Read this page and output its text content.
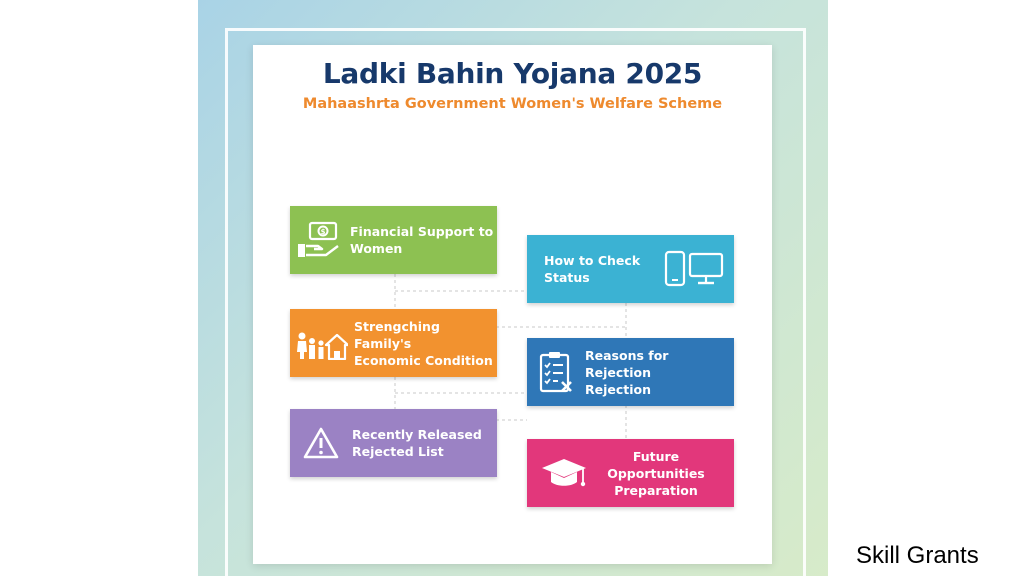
Ladki Bahin Yojana 2025
Mahaashrta Government Women's Welfare Scheme
$ Financial Support to
Women
How to Check
Status
Strengching Family's
Economic Condition	Reasons for Rejection
Rejection
Recently Released
Rejected List	Future
Opportunities
Preparation
Skill Grants
